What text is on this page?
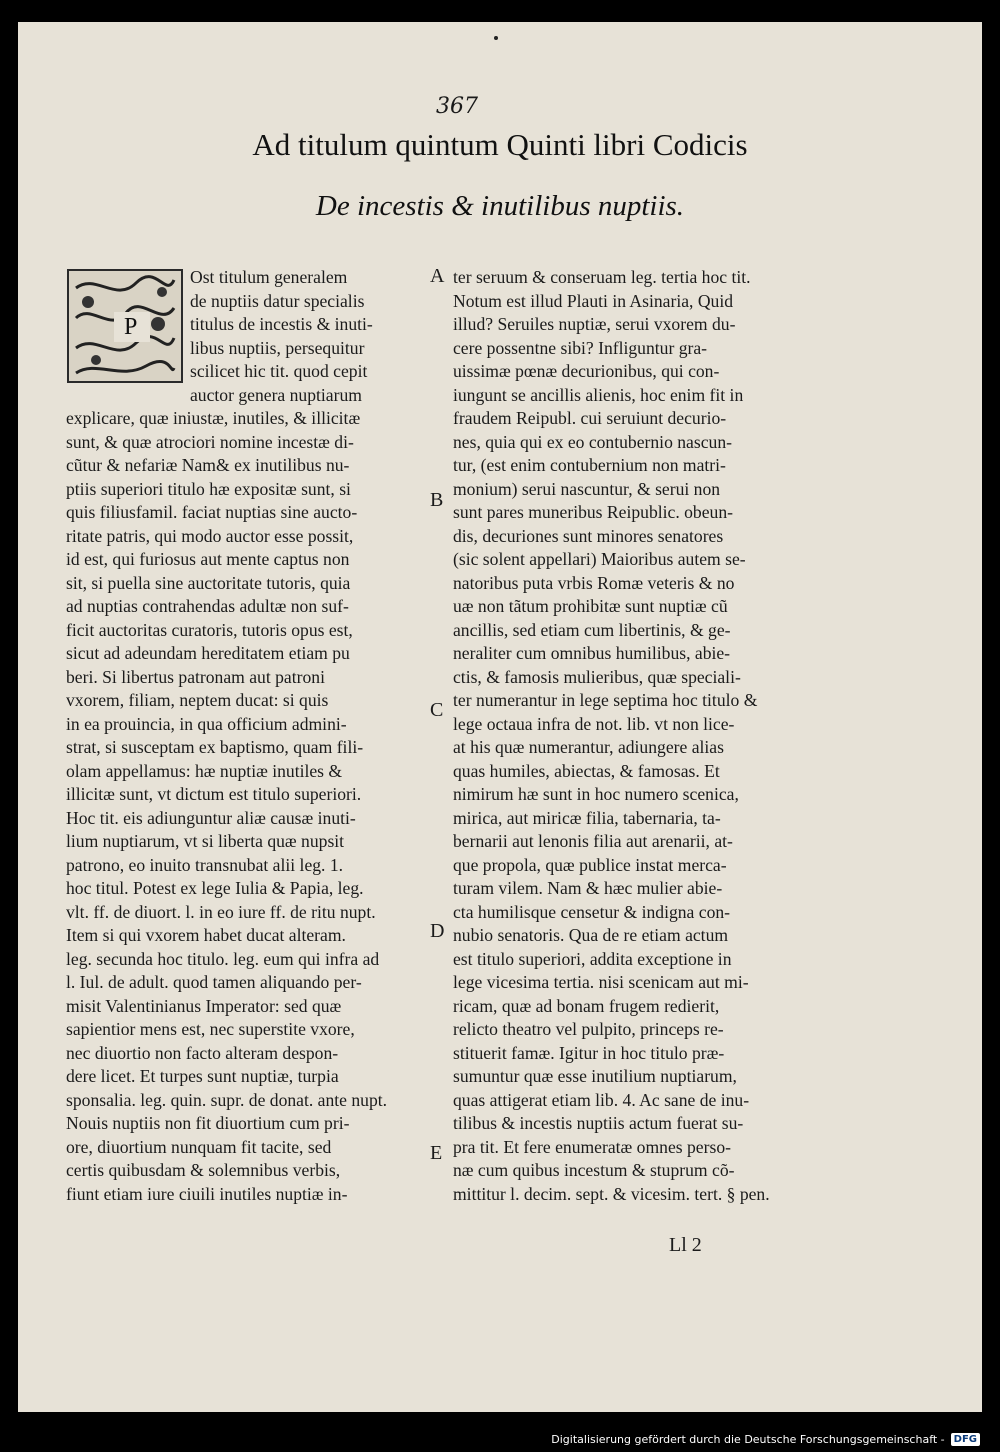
367
Ad titulum quintum Quinti libri Codicis
De incestis & inutilibus nuptiis.
P
Ost titulum generalem
de nuptiis datur specialis
titulus de incestis & inuti-
libus nuptiis, persequitur
scilicet hic tit. quod cepit
auctor genera nuptiarum
explicare, quæ iniustæ, inutiles, & illicitæ
sunt, & quæ atrociori nomine incestæ di-
cũtur & nefariæ Nam& ex inutilibus nu-
ptiis superiori titulo hæ expositæ sunt, si
quis filiusfamil. faciat nuptias sine aucto-
ritate patris, qui modo auctor esse possit,
id est, qui furiosus aut mente captus non
sit, si puella sine auctoritate tutoris, quia
ad nuptias contrahendas adultæ non suf-
ficit auctoritas curatoris, tutoris opus est,
sicut ad adeundam hereditatem etiam pu
beri. Si libertus patronam aut patroni
vxorem, filiam, neptem ducat: si quis
in ea prouincia, in qua officium admini-
strat, si susceptam ex baptismo, quam fili-
olam appellamus: hæ nuptiæ inutiles &
illicitæ sunt, vt dictum est titulo superiori.
Hoc tit. eis adiunguntur aliæ causæ inuti-
lium nuptiarum, vt si liberta quæ nupsit
patrono, eo inuito transnubat alii leg. 1.
hoc titul. Potest ex lege Iulia & Papia, leg.
vlt. ff. de diuort. l. in eo iure ff. de ritu nupt.
Item si qui vxorem habet ducat alteram.
leg. secunda hoc titulo. leg. eum qui infra ad
l. Iul. de adult. quod tamen aliquando per-
misit Valentinianus Imperator: sed quæ
sapientior mens est, nec superstite vxore,
nec diuortio non facto alteram despon-
dere licet. Et turpes sunt nuptiæ, turpia
sponsalia. leg. quin. supr. de donat. ante nupt.
Nouis nuptiis non fit diuortium cum pri-
ore, diuortium nunquam fit tacite, sed
certis quibusdam & solemnibus verbis,
fiunt etiam iure ciuili inutiles nuptiæ in-
ter seruum & conseruam leg. tertia hoc tit.
Notum est illud Plauti in Asinaria, Quid
illud? Seruiles nuptiæ, serui vxorem du-
cere possentne sibi? Infliguntur gra-
uissimæ pœnæ decurionibus, qui con-
iungunt se ancillis alienis, hoc enim fit in
fraudem Reipubl. cui seruiunt decurio-
nes, quia qui ex eo contubernio nascun-
tur, (est enim contubernium non matri-
monium) serui nascuntur, & serui non
sunt pares muneribus Reipublic. obeun-
dis, decuriones sunt minores senatores
(sic solent appellari) Maioribus autem se-
natoribus puta vrbis Romæ veteris & no
uæ non tãtum prohibitæ sunt nuptiæ cũ
ancillis, sed etiam cum libertinis, & ge-
neraliter cum omnibus humilibus, abie-
ctis, & famosis mulieribus, quæ speciali-
ter numerantur in lege septima hoc titulo &
lege octaua infra de not. lib. vt non lice-
at his quæ numerantur, adiungere alias
quas humiles, abiectas, & famosas. Et
nimirum hæ sunt in hoc numero scenica,
mirica, aut miricæ filia, tabernaria, ta-
bernarii aut lenonis filia aut arenarii, at-
que propola, quæ publice instat merca-
turam vilem. Nam & hæc mulier abie-
cta humilisque censetur & indigna con-
nubio senatoris. Qua de re etiam actum
est titulo superiori, addita exceptione in
lege vicesima tertia. nisi scenicam aut mi-
ricam, quæ ad bonam frugem redierit,
relicto theatro vel pulpito, princeps re-
stituerit famæ. Igitur in hoc titulo præ-
sumuntur quæ esse inutilium nuptiarum,
quas attigerat etiam lib. 4. Ac sane de inu-
tilibus & incestis nuptiis actum fuerat su-
pra tit. Et fere enumeratæ omnes perso-
næ cum quibus incestum & stuprum cõ-
mittitur l. decim. sept. & vicesim. tert. § pen.
A
B
C
D
E
Ll 2
Digitalisierung gefördert durch die Deutsche Forschungsgemeinschaft - DFG
